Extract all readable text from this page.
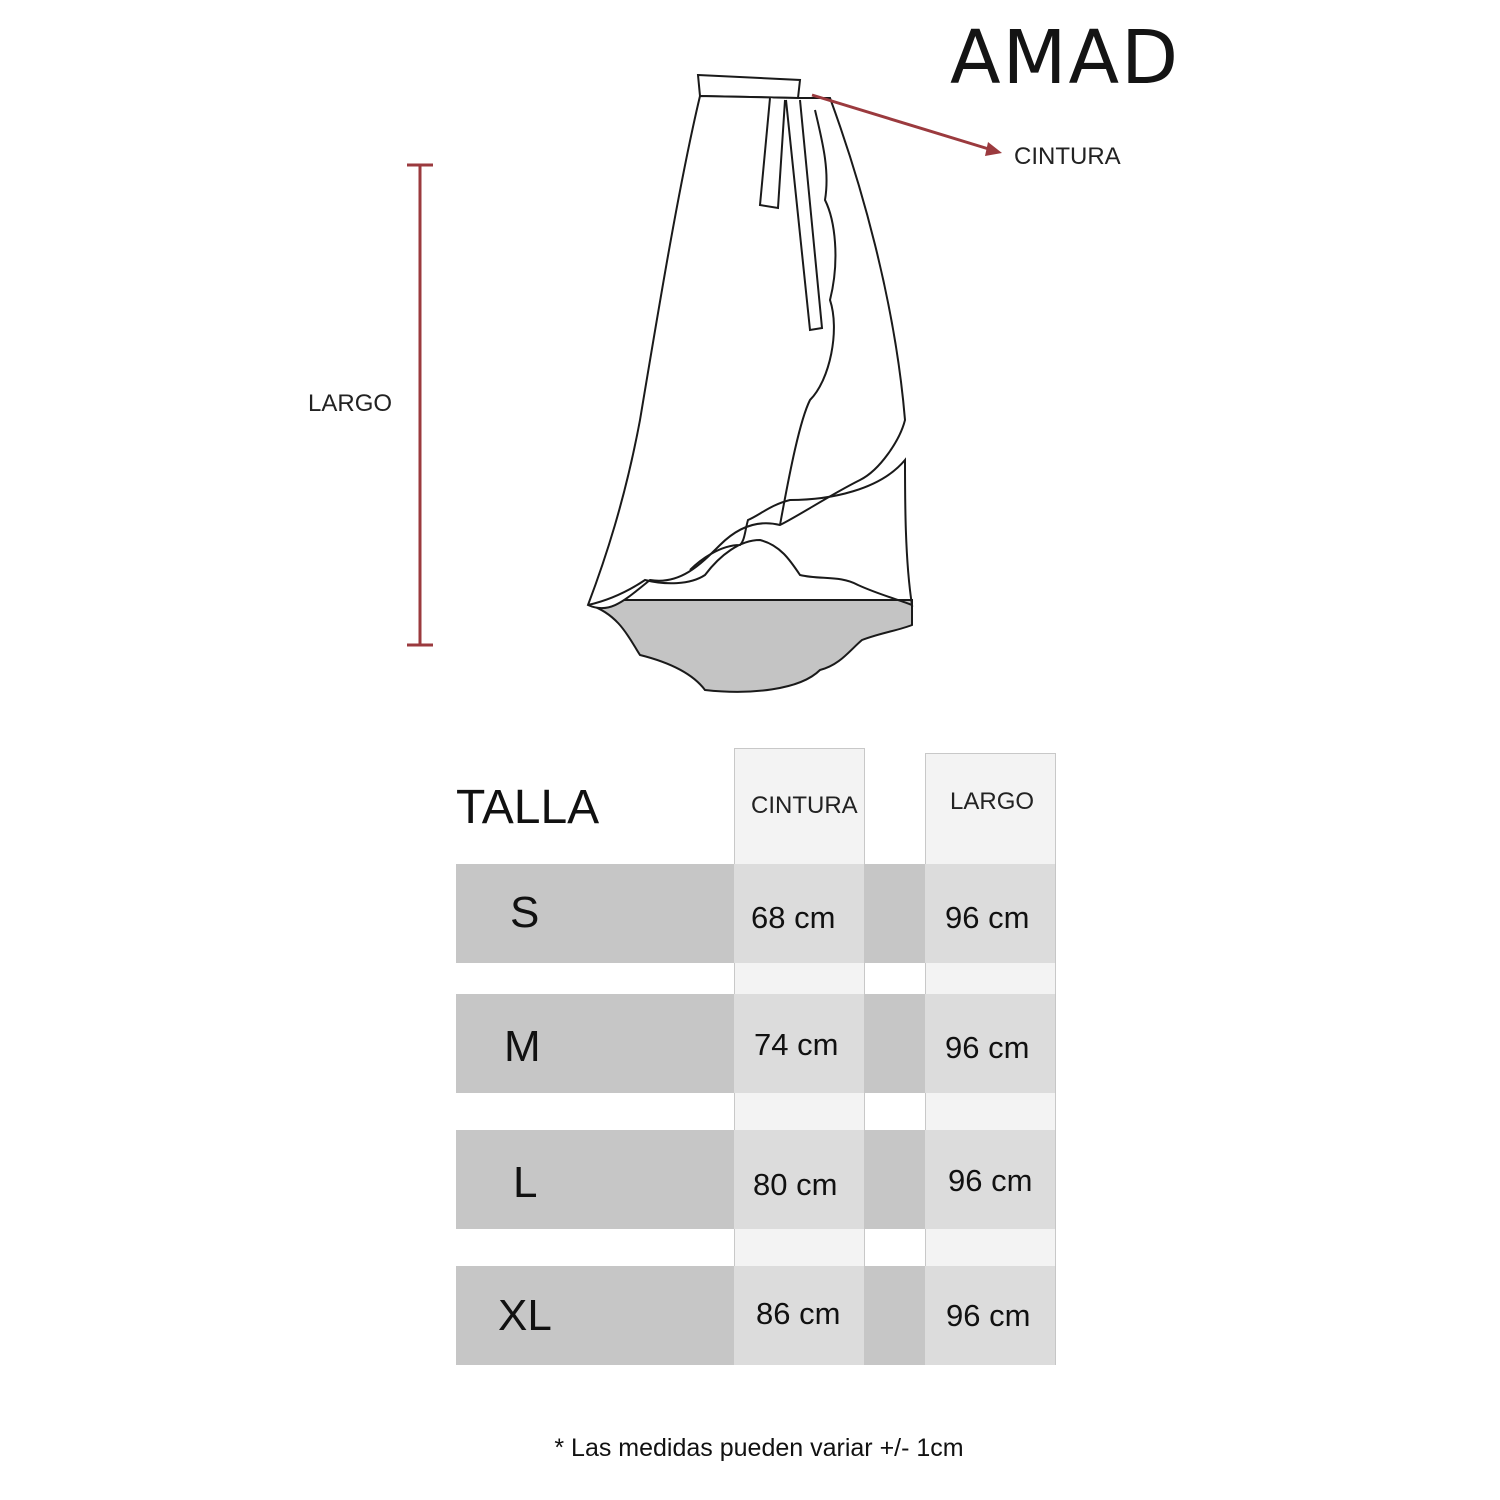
AMAD
CINTURA
LARGO
TALLA	CINTURA	LARGO
S	68 cm	96 cm
M	74 cm	96 cm
L	80 cm	96 cm
XL	86 cm	96 cm
* Las medidas pueden variar +/- 1cm
